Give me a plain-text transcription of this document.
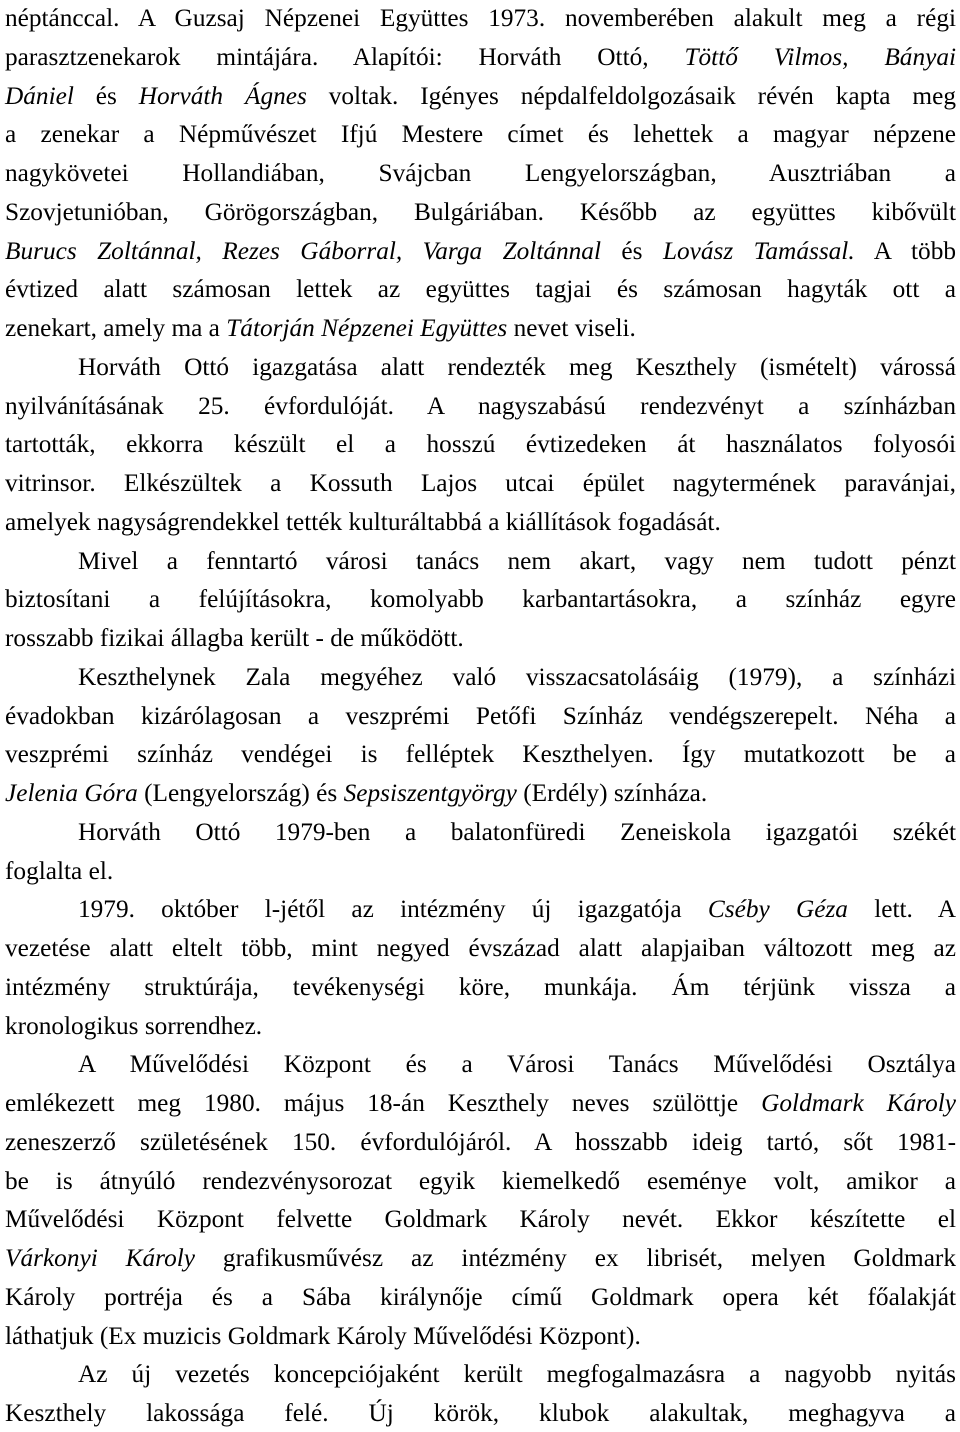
néptánccal. A Guzsaj Népzenei Együttes 1973. novemberében alakult meg a régi
parasztzenekarok mintájára. Alapítói: Horváth Ottó, Töttő Vilmos, Bányai
Dániel és Horváth Ágnes voltak. Igényes népdalfeldolgozásaik révén kapta meg
a zenekar a Népművészet Ifjú Mestere címet és lehettek a magyar népzene
nagykövetei Hollandiában, Svájcban Lengyelországban, Ausztriában a
Szovjetunióban, Görögországban, Bulgáriában. Később az együttes kibővült
Burucs Zoltánnal, Rezes Gáborral, Varga Zoltánnal és Lovász Tamással. A több
évtized alatt számosan lettek az együttes tagjai és számosan hagyták ott a
zenekart, amely ma a Tátorján Népzenei Együttes nevet viseli.
Horváth Ottó igazgatása alatt rendezték meg Keszthely (ismételt) várossá
nyilvánításának 25. évfordulóját. A nagyszabású rendezvényt a színházban
tartották, ekkorra készült el a hosszú évtizedeken át használatos folyosói
vitrinsor. Elkészültek a Kossuth Lajos utcai épület nagytermének paravánjai,
amelyek nagyságrendekkel tették kulturáltabbá a kiállítások fogadását.
Mivel a fenntartó városi tanács nem akart, vagy nem tudott pénzt
biztosítani a felújításokra, komolyabb karbantartásokra, a színház egyre
rosszabb fizikai állagba került - de működött.
Keszthelynek Zala megyéhez való visszacsatolásáig (1979), a színházi
évadokban kizárólagosan a veszprémi Petőfi Színház vendégszerepelt. Néha a
veszprémi színház vendégei is felléptek Keszthelyen. Így mutatkozott be a
Jelenia Góra (Lengyelország) és Sepsiszentgyörgy (Erdély) színháza.
Horváth Ottó 1979-ben a balatonfüredi Zeneiskola igazgatói székét
foglalta el.
1979. október l-jétől az intézmény új igazgatója Cséby Géza lett. A
vezetése alatt eltelt több, mint negyed évszázad alatt alapjaiban változott meg az
intézmény struktúrája, tevékenységi köre, munkája. Ám térjünk vissza a
kronologikus sorrendhez.
A Művelődési Központ és a Városi Tanács Művelődési Osztálya
emlékezett meg 1980. május 18-án Keszthely neves szülöttje Goldmark Károly
zeneszerző születésének 150. évfordulójáról. A hosszabb ideig tartó, sőt 1981-
be is átnyúló rendezvénysorozat egyik kiemelkedő eseménye volt, amikor a
Művelődési Központ felvette Goldmark Károly nevét. Ekkor készítette el
Várkonyi Károly grafikusművész az intézmény ex librisét, melyen Goldmark
Károly portréja és a Sába királynője című Goldmark opera két főalakját
láthatjuk (Ex muzicis Goldmark Károly Művelődési Központ).
Az új vezetés koncepciójaként került megfogalmazásra a nagyobb nyitás
Keszthely lakossága felé. Új körök, klubok alakultak, meghagyva a
